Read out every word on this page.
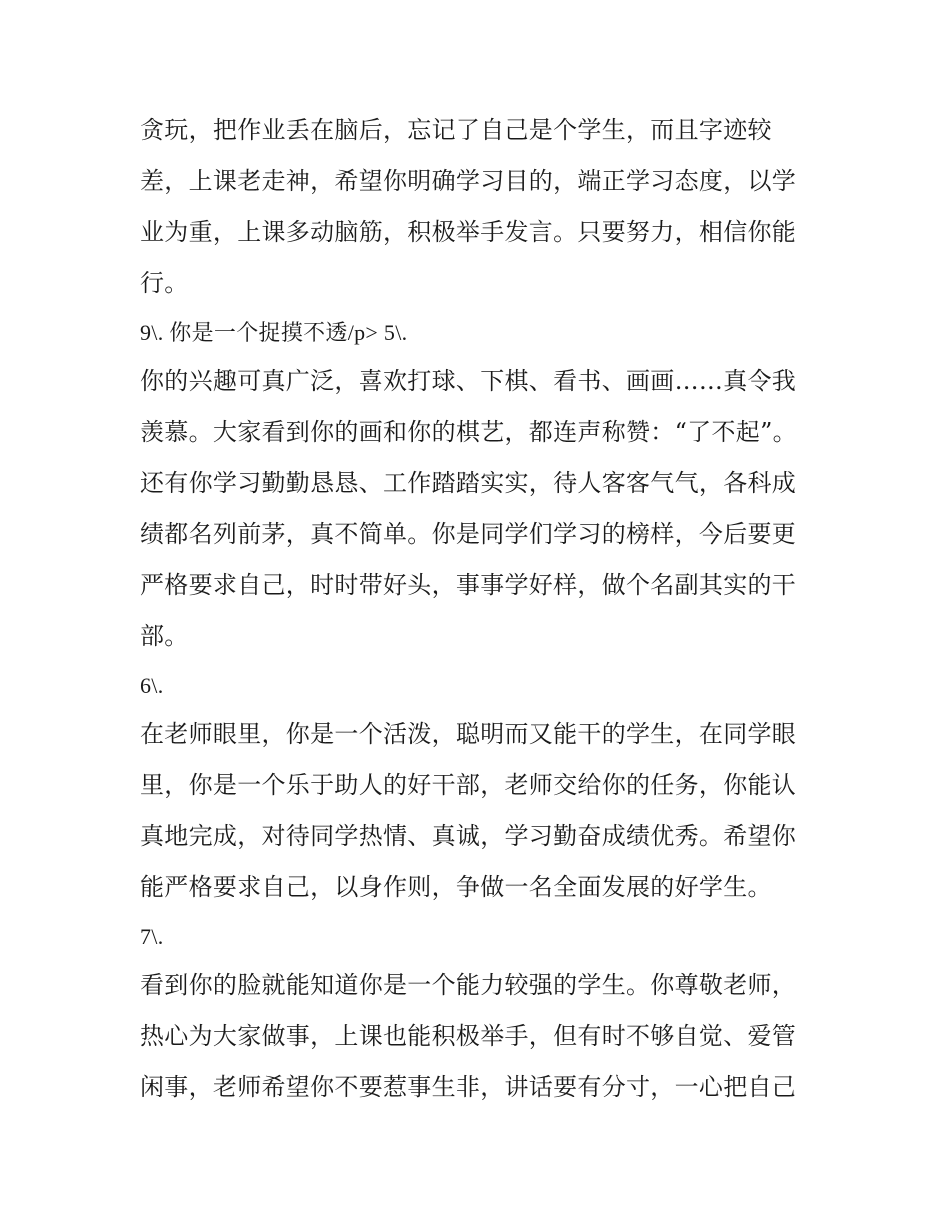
贪玩，把作业丢在脑后，忘记了自己是个学生，而且字迹较
差，上课老走神，希望你明确学习目的，端正学习态度，以学
业为重，上课多动脑筋，积极举手发言。只要努力，相信你能
行。
9\. 你是一个捉摸不透/p> 5\.
你的兴趣可真广泛，喜欢打球、下棋、看书、画画……真令我
羡慕。大家看到你的画和你的棋艺，都连声称赞：“了不起”。
还有你学习勤勤恳恳、工作踏踏实实，待人客客气气，各科成
绩都名列前茅，真不简单。你是同学们学习的榜样，今后要更
严格要求自己，时时带好头，事事学好样，做个名副其实的干
部。
6\.
在老师眼里，你是一个活泼，聪明而又能干的学生，在同学眼
里，你是一个乐于助人的好干部，老师交给你的任务，你能认
真地完成，对待同学热情、真诚，学习勤奋成绩优秀。希望你
能严格要求自己，以身作则，争做一名全面发展的好学生。
7\.
看到你的脸就能知道你是一个能力较强的学生。你尊敬老师，
热心为大家做事，上课也能积极举手，但有时不够自觉、爱管
闲事，老师希望你不要惹事生非，讲话要有分寸，一心把自己
